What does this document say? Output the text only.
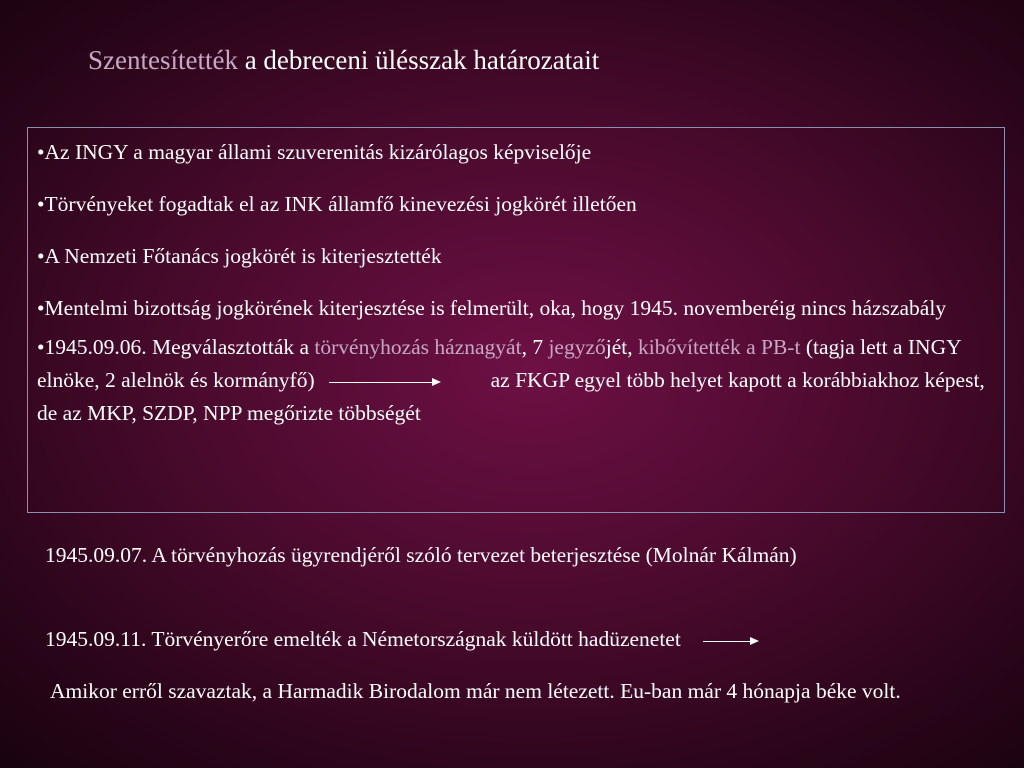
Szentesítették a debreceni ülésszak határozatait

•Az INGY a magyar állami szuverenitás kizárólagos képviselője

•Törvényeket fogadtak el az INK államfő kinevezési jogkörét illetően

•A Nemzeti Főtanács jogkörét is kiterjesztették

•Mentelmi bizottság jogkörének kiterjesztése is felmerült, oka, hogy 1945. novemberéig nincs házszabály

•1945.09.06. Megválasztották a törvényhozás háznagyát, 7 jegyzőjét, kibővítették a PB-t (tagja lett a INGY elnöke, 2 alelnök és kormányfő)	az FKGP egyel több helyet kapott a korábbiakhoz képest, de az MKP, SZDP, NPP megőrizte többségét

1945.09.07. A törvényhozás ügyrendjéről szóló tervezet beterjesztése (Molnár Kálmán)
1945.09.11. Törvényerőre emelték a Németországnak küldött hadüzenetet
Amikor erről szavaztak, a Harmadik Birodalom már nem létezett. Eu-ban már 4 hónapja béke volt.
